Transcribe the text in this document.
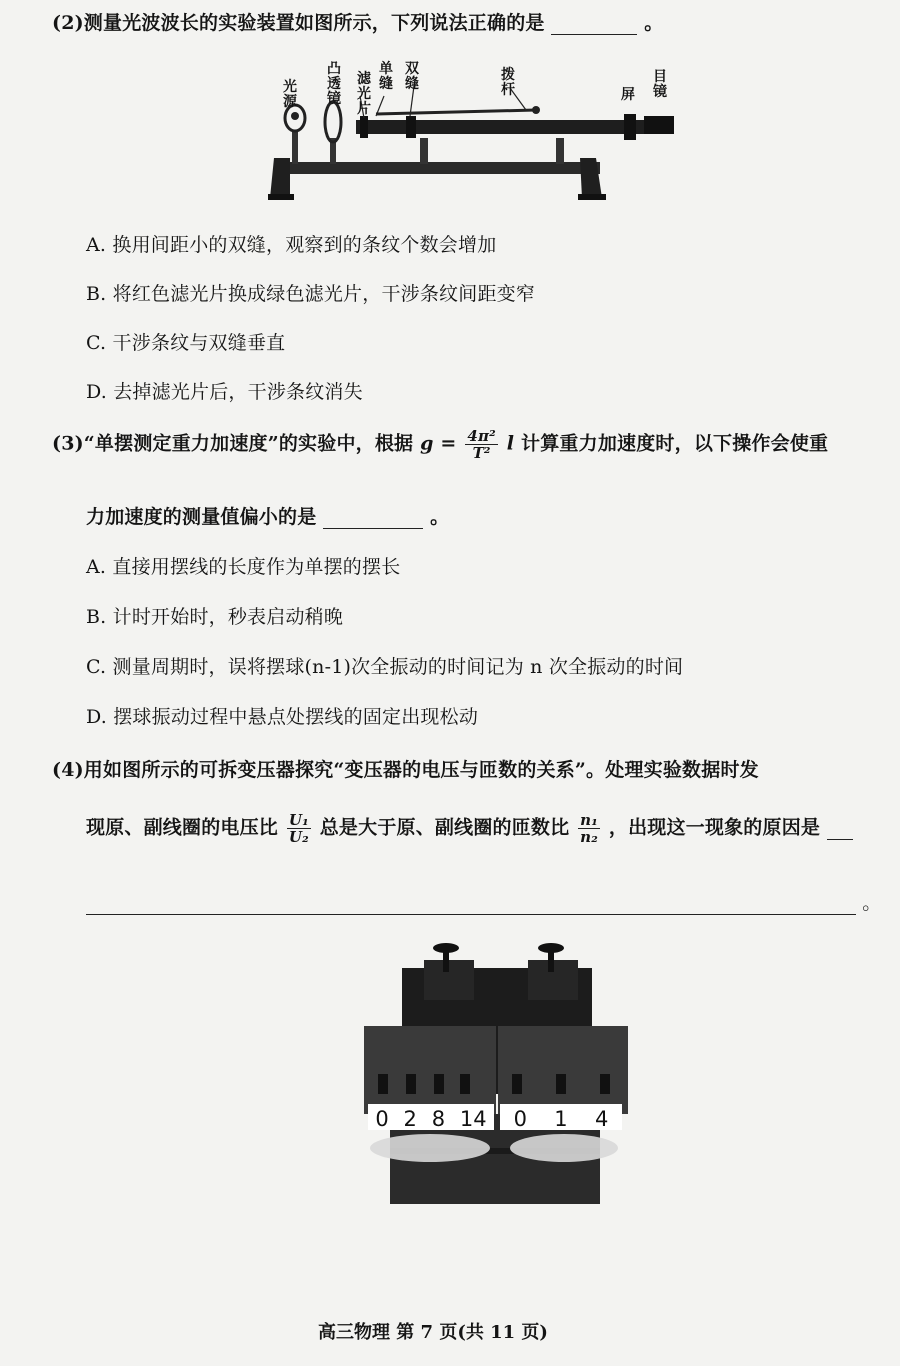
(2)测量光波波长的实验装置如图所示，下列说法正确的是	。
光源
凸透镜
滤光片
单缝
双缝
拨杆	屏
目镜
A. 换用间距小的双缝，观察到的条纹个数会增加
B. 将红色滤光片换成绿色滤光片，干涉条纹间距变窄
C. 干涉条纹与双缝垂直
D. 去掉滤光片后，干涉条纹消失
(3)“单摆测定重力加速度”的实验中，根据 $g = \frac{\text{4π²}}{\text{T²}}$ l 计算重力加速度时，以下操作会使重
力加速度的测量值偏小的是	。
A. 直接用摆线的长度作为单摆的摆长
B. 计时开始时，秒表启动稍晚
C. 测量周期时，误将摆球(n-1)次全振动的时间记为 n 次全振动的时间
D. 摆球振动过程中悬点处摆线的固定出现松动
(4)用如图所示的可拆变压器探究“变压器的电压与匝数的关系”。处理实验数据时发
现原、副线圈的电压比 $\frac{\text{U₁}}{\text{U₂}}$ 总是大于原、副线圈的匝数比 $\frac{\text{n₁}}{\text{n₂}}$ ，出现这一现象的原因是
。
0 2 8 14 0 1 4
高三物理 第 7 页(共 11 页)
